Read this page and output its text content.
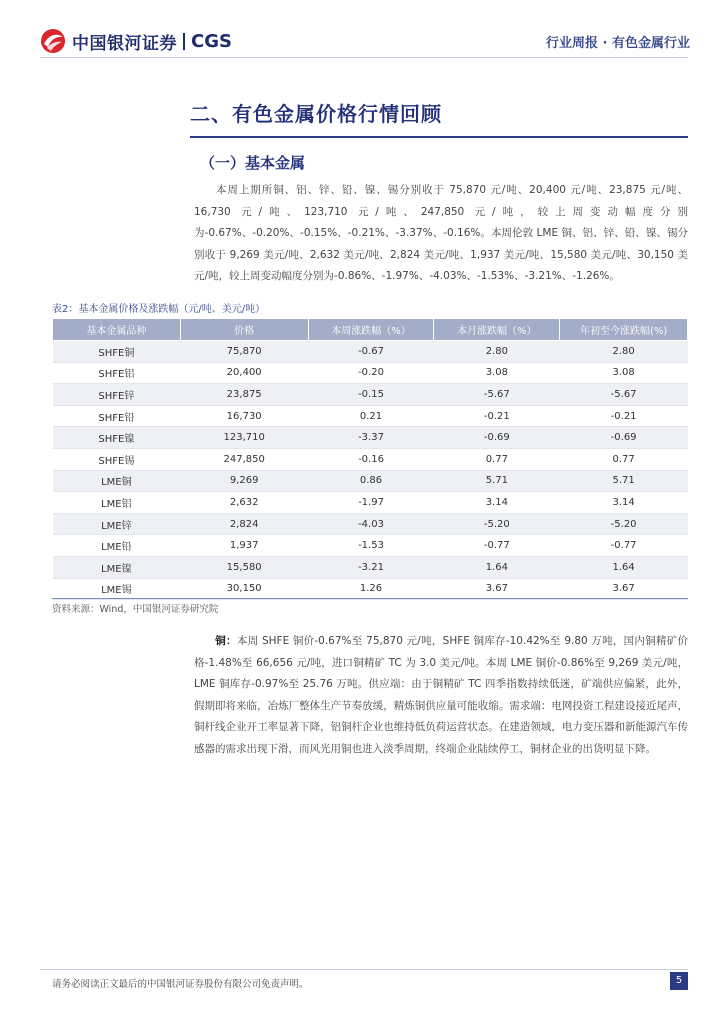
中国银河证券 CGS	行业周报 · 有色金属行业
二、有色金属价格行情回顾
（一）基本金属
本周上期所铜、铝、锌、铅、镍、锡分别收于 75,870 元/吨、20,400 元/吨、23,875 元/吨、16,730 元/吨、123,710 元/吨、247,850 元/吨，较上周变动幅度分别为-0.67%、-0.20%、-0.15%、-0.21%、-3.37%、-0.16%。本周伦敦 LME 铜、铝、锌、铅、镍、锡分别收于 9,269 美元/吨、2,632 美元/吨、2,824 美元/吨、1,937 美元/吨、15,580 美元/吨、30,150 美元/吨，较上周变动幅度分别为-0.86%、-1.97%、-4.03%、-1.53%、-3.21%、-1.26%。
表2：基本金属价格及涨跌幅（元/吨、美元/吨）
基本金属品种	价格	本周涨跌幅（%）	本月涨跌幅（%）	年初至今涨跌幅(%)
SHFE铜	75,870	-0.67	2.80	2.80
SHFE铝	20,400	-0.20	3.08	3.08
SHFE锌	23,875	-0.15	-5.67	-5.67
SHFE铅	16,730	0.21	-0.21	-0.21
SHFE镍	123,710	-3.37	-0.69	-0.69
SHFE锡	247,850	-0.16	0.77	0.77
LME铜	9,269	0.86	5.71	5.71
LME铝	2,632	-1.97	3.14	3.14
LME锌	2,824	-4.03	-5.20	-5.20
LME铅	1,937	-1.53	-0.77	-0.77
LME镍	15,580	-3.21	1.64	1.64
LME锡	30,150	1.26	3.67	3.67
资料来源：Wind，中国银河证券研究院
铜：本周 SHFE 铜价-0.67%至 75,870 元/吨，SHFE 铜库存-10.42%至 9.80 万吨，国内铜精矿价格-1.48%至 66,656 元/吨，进口铜精矿 TC 为 3.0 美元/吨。本周 LME 铜价-0.86%至 9,269 美元/吨，LME 铜库存-0.97%至 25.76 万吨。供应端：由于铜精矿 TC 四季指数持续低迷，矿端供应偏紧，此外，假期即将来临，冶炼厂整体生产节奏放缓，精炼铜供应量可能收缩。需求端：电网投资工程建设接近尾声，铜杆线企业开工率显著下降，铝铜杆企业也维持低负荷运营状态。在建造领域，电力变压器和新能源汽车传感器的需求出现下滑，而风光用铜也进入淡季周期，终端企业陆续停工，铜材企业的出货明显下降。
请务必阅读正文最后的中国银河证券股份有限公司免责声明。	5
